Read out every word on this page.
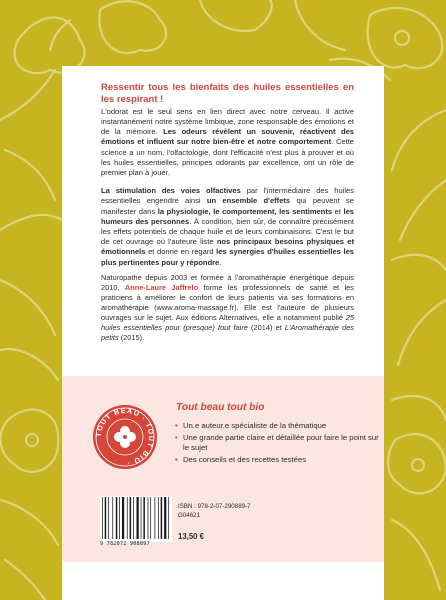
Ressentir tous les bienfaits des huiles essentielles en les respirant !

L'odorat est le seul sens en lien direct avec notre cerveau. Il active instantanément notre système limbique, zone responsable des émotions et de la mémoire. Les odeurs révèlent un souvenir, réactivent des émotions et influent sur notre bien-être et notre comportement. Cette science a un nom, l'olfactologie, dont l'efficacité n'est plus à prouver et où les huiles essentielles, principes odorants par excellence, ont un rôle de premier plan à jouer.

La stimulation des voies olfactives par l'intermédiaire des huiles essentielles engendre ainsi un ensemble d'effets qui peuvent se manifester dans la physiologie, le comportement, les sentiments et les humeurs des personnes. À condition, bien sûr, de connaître précisément les effets potentiels de chaque huile et de leurs combinaisons. C'est le but de cet ouvrage où l'auteure liste nos principaux besoins physiques et émotionnels et donne en regard les synergies d'huiles essentielles les plus pertinentes pour y répondre.

Naturopathe depuis 2003 et formée à l'aromathérapie énergétique depuis 2010, Anne-Laure Jaffrelo forme les professionnels de santé et les praticiens à améliorer le confort de leurs patients via ses formations en aromathérapie (www.aroma-massage.fr). Elle est l'auteure de plusieurs ouvrages sur le sujet. Aux éditions Alternatives, elle a notamment publié 25 huiles essentielles pour (presque) tout faire (2014) et L'Aromathérapie des petits (2015).

TOUT BEAU · TOUT BIO ·
Tout beau tout bio
• Un.e auteur.e spécialiste de la thématique
• Une grande partie claire et détaillée pour faire le point sur le sujet
• Des conseils et des recettes testées
9 782072 908897
ISBN : 978-2-07-290889-7
G04621
13,50 €
